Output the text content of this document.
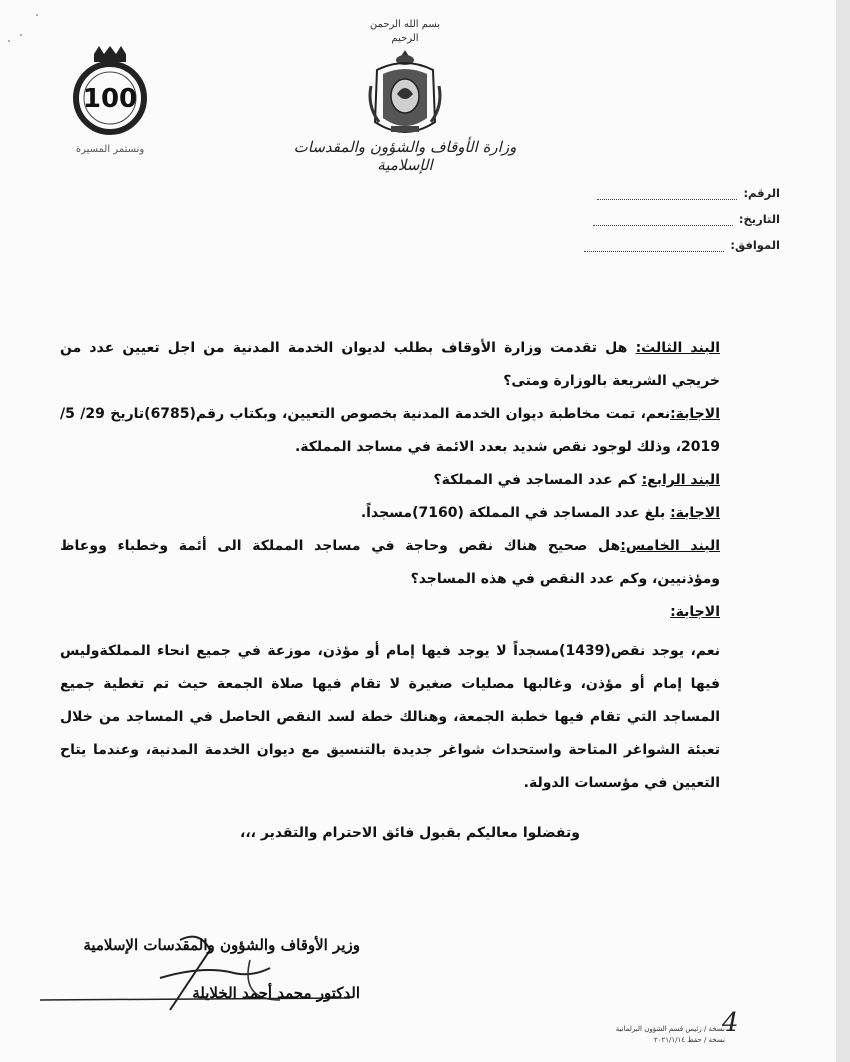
بسم الله الرحمن الرحيم
وزارة الأوقاف والشؤون والمقدسات الإسلامية
100
ونستمر المسيرة
الرقم:
التاريخ:
الموافق:

البند الثالث: هل تقدمت وزارة الأوقاف بطلب لديوان الخدمة المدنية من اجل تعيين عدد من خريجي الشريعة بالوزارة ومتى؟

الاجابة:نعم، تمت مخاطبة ديوان الخدمة المدنية بخصوص التعيين، وبكتاب رقم(6785)تاريخ 29/ 5/ 2019، وذلك لوجود نقص شديد بعدد الائمة في مساجد المملكة.

البند الرابع: كم عدد المساجد في المملكة؟

الاجابة: بلغ عدد المساجد في المملكة (7160)مسجداً.

البند الخامس:هل صحيح هناك نقص وحاجة في مساجد المملكة الى أئمة وخطباء ووعاظ ومؤذنيين، وكم عدد النقص في هذه المساجد؟

الاجابة:

نعم، يوجد نقص(1439)مسجداً لا يوجد فيها إمام أو مؤذن، موزعة في جميع انحاء المملكةوليس فيها إمام أو مؤذن، وغالبها مصليات صغيرة لا تقام فيها صلاة الجمعة حيث تم تغطية جميع المساجد التي تقام فيها خطبة الجمعة، وهنالك خطة لسد النقص الحاصل في المساجد من خلال تعبئة الشواغر المتاحة واستحداث شواغر جديدة بالتنسيق مع ديوان الخدمة المدنية، وعندما يتاح التعيين في مؤسسات الدولة.

وتفضلوا معاليكم بقبول فائق الاحترام والتقدير ،،،
وزير الأوقاف والشؤون والمقدسات الإسلامية
الدكتور محمد أحمد الخلايلة
4
نسخة / رئيس قسم الشؤون البرلمانية
نسخة / حفظ ٢٠٢١/١/١٤
